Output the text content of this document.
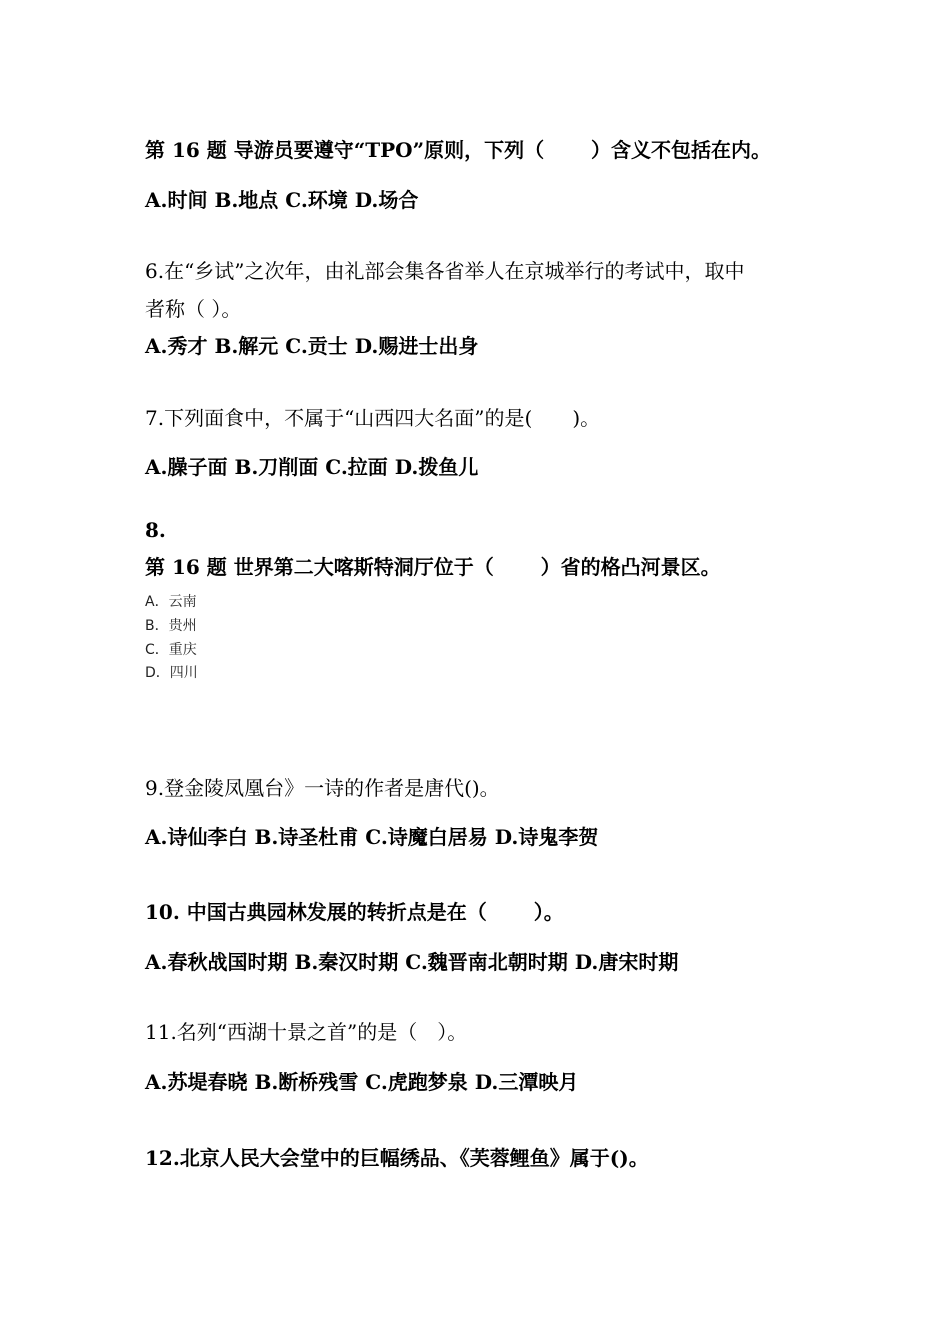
第 16 题 导游员要遵守“TPO”原则，下列（　　 ）含义不包括在内。
A.时间 B.地点 C.环境 D.场合
6.在“乡试”之次年，由礼部会集各省举人在京城举行的考试中，取中
者称（ ）。
A.秀才 B.解元 C.贡士 D.赐进士出身
7.下列面食中，不属于“山西四大名面”的是(　　)。
A.臊子面 B.刀削面 C.拉面 D.拨鱼儿
8.
第 16 题 世界第二大喀斯特洞厅位于（　　 ）省的格凸河景区。
A．云南
B．贵州
C．重庆
D．四川
9.登金陵凤凰台》一诗的作者是唐代()。
A.诗仙李白 B.诗圣杜甫 C.诗魔白居易 D.诗鬼李贺
10. 中国古典园林发展的转折点是在（　　 ）。
A.春秋战国时期 B.秦汉时期 C.魏晋南北朝时期 D.唐宋时期
11.名列“西湖十景之首”的是（　）。
A.苏堤春晓 B.断桥残雪 C.虎跑梦泉 D.三潭映月
12.北京人民大会堂中的巨幅绣品、《芙蓉鲤鱼》属于()。
